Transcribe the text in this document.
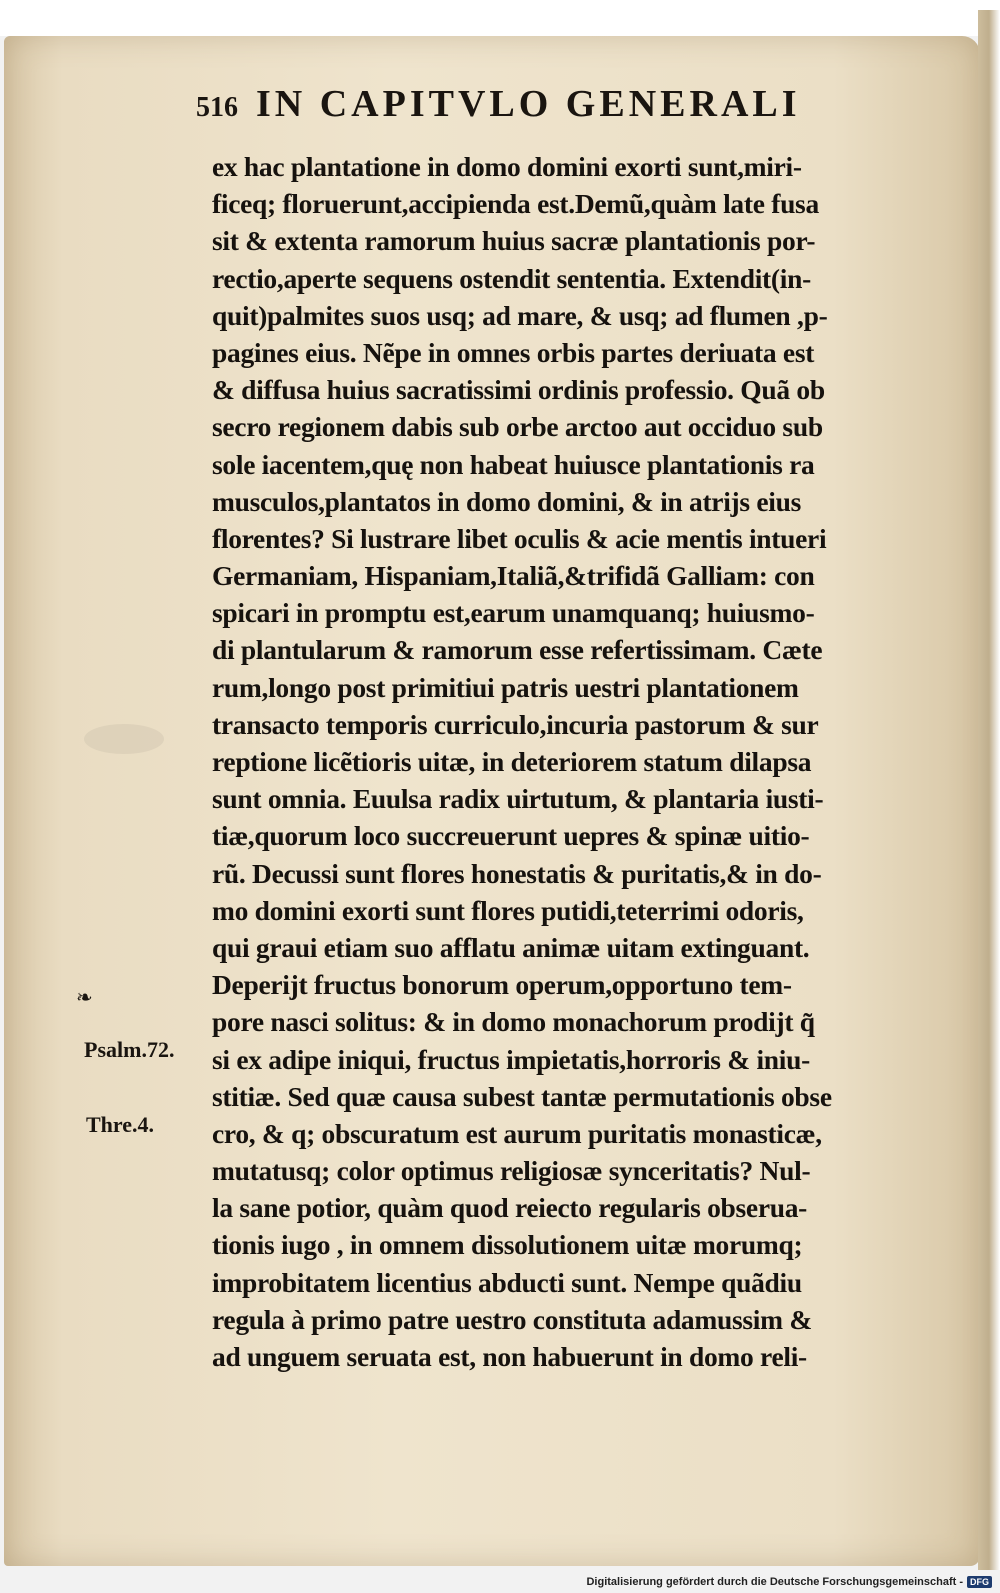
516 IN CAPITVLO GENERALI
ex hac plantatione in domo domini exorti sunt,miri-
ficeq; floruerunt,accipienda est.Demũ,quàm late fusa
sit & extenta ramorum huius sacræ plantationis por-
rectio,aperte sequens ostendit sententia. Extendit(in-
quit)palmites suos usq; ad mare, & usq; ad flumen ,p-
pagines eius. Nẽpe in omnes orbis partes deriuata est
& diffusa huius sacratissimi ordinis professio. Quã ob
secro regionem dabis sub orbe arctoo aut occiduo sub
sole iacentem,quę non habeat huiusce plantationis ra
musculos,plantatos in domo domini, & in atrijs eius
florentes? Si lustrare libet oculis & acie mentis intueri
Germaniam, Hispaniam,Italiã,&trifidã Galliam: con
spicari in promptu est,earum unamquanq; huiusmo-
di plantularum & ramorum esse refertissimam. Cæte
rum,longo post primitiui patris uestri plantationem
transacto temporis curriculo,incuria pastorum & sur
reptione licẽtioris uitæ, in deteriorem statum dilapsa
sunt omnia. Euulsa radix uirtutum, & plantaria iusti-
tiæ,quorum loco succreuerunt uepres & spinæ uitio-
rũ. Decussi sunt flores honestatis & puritatis,& in do-
mo domini exorti sunt flores putidi,teterrimi odoris,
qui graui etiam suo afflatu animæ uitam extinguant.
Deperijt fructus bonorum operum,opportuno tem-
pore nasci solitus: & in domo monachorum prodijt q̃
si ex adipe iniqui, fructus impietatis,horroris & iniu-
stitiæ. Sed quæ causa subest tantæ permutationis obse
cro, & q; obscuratum est aurum puritatis monasticæ,
mutatusq; color optimus religiosæ synceritatis? Nul-
la sane potior, quàm quod reiecto regularis obserua-
tionis iugo , in omnem dissolutionem uitæ morumq;
improbitatem licentius abducti sunt. Nempe quãdiu
regula à primo patre uestro constituta adamussim &
ad unguem seruata est, non habuerunt in domo reli-
❧
Psalm.72.
Thre.4.
Digitalisierung gefördert durch die Deutsche Forschungsgemeinschaft - DFG
